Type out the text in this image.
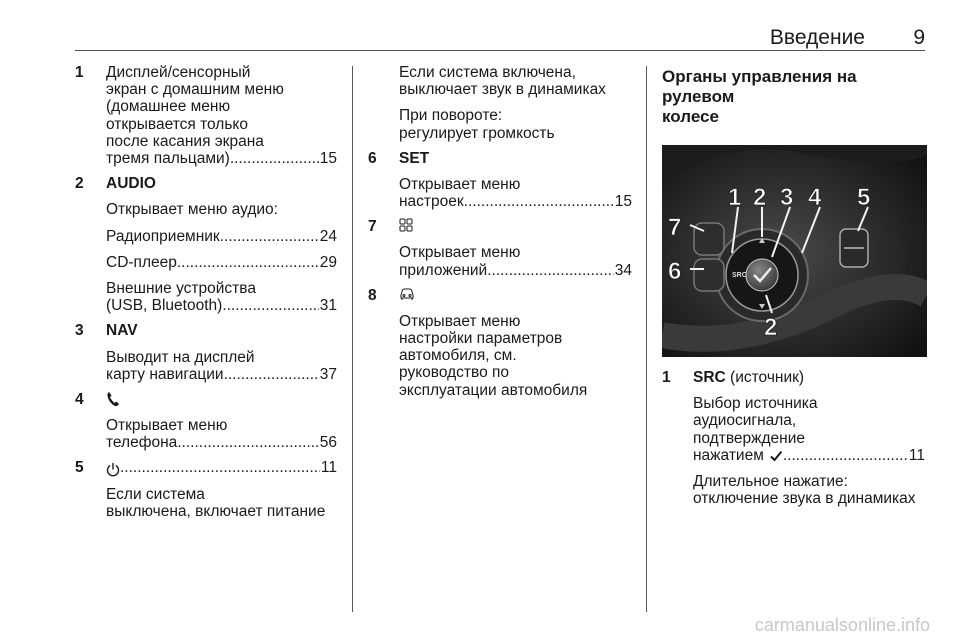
Введение 9
1 Дисплей/сенсорный
экран с домашним меню
(домашнее меню
открывается только
после касания экрана

тремя пальцами) .....	15
2 AUDIO

Открывает меню аудио:

Радиоприемник .....	24
CD-плеер .....	29

Внешние устройства

(USB, Bluetooth) .....	31
3 NAV

Выводит на дисплей

карту навигации .....	37
4

Открывает меню

телефона .....	56
5 .....	11

Если система
выключена, включает питание

Если система включена,
выключает звук в динамиках

При повороте:
регулирует громкость

6 SET

Открывает меню

настроек .....	15
7

Открывает меню

приложений .....	34
8

Открывает меню
настройки параметров
автомобиля, см.
руководство по
эксплуатации автомобиля

Органы управления на рулевом
колесе
SRC
1 2 3 4 5
6
7
2
1 SRC (источник)

Выбор источника
аудиосигнала,
подтверждение

нажатием .....	11

Длительное нажатие:
отключение звука в динамиках

carmanualsonline.info
